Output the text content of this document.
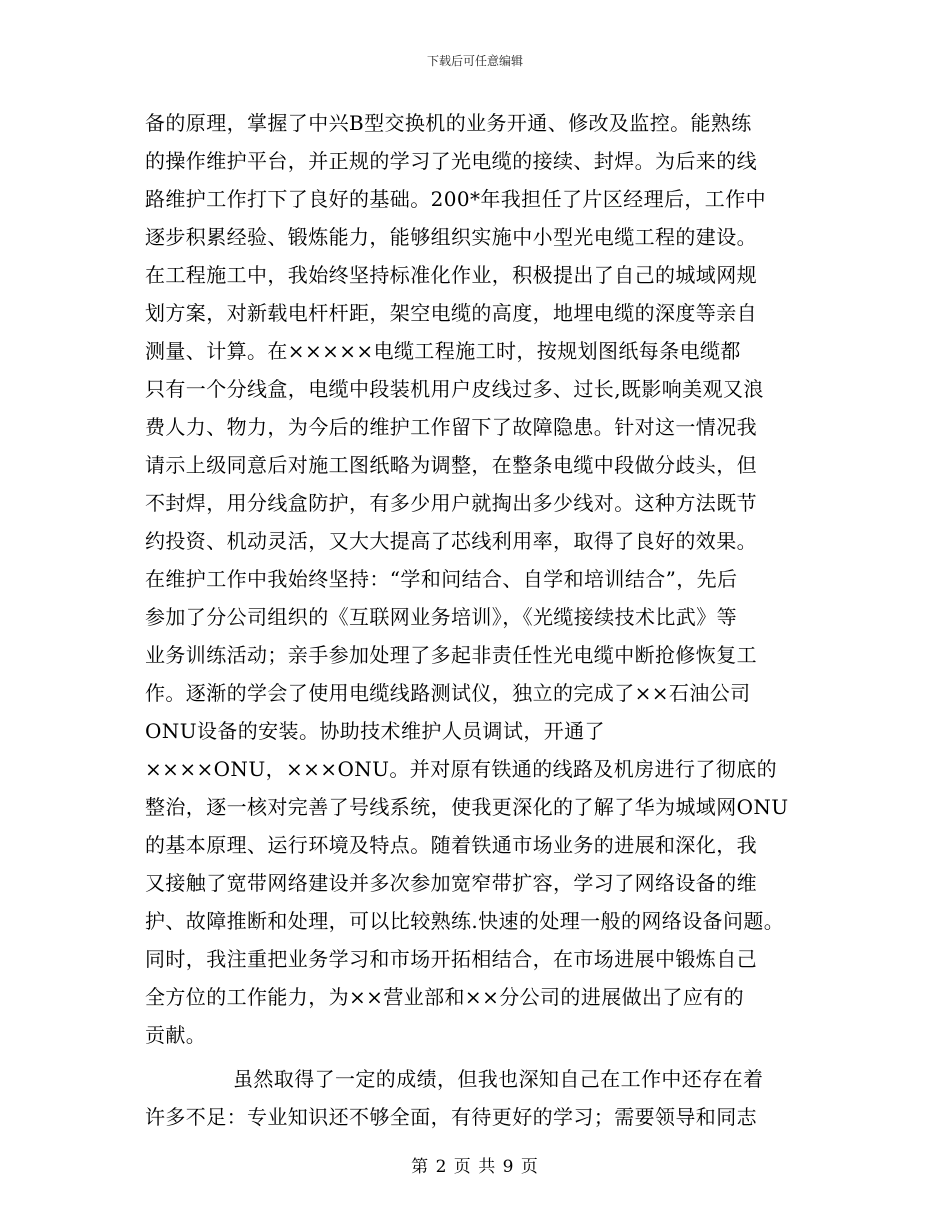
下载后可任意编辑
备的原理，掌握了中兴B型交换机的业务开通、修改及监控。能熟练
的操作维护平台，并正规的学习了光电缆的接续、封焊。为后来的线
路维护工作打下了良好的基础。200*年我担任了片区经理后，工作中
逐步积累经验、锻炼能力，能够组织实施中小型光电缆工程的建设。
在工程施工中，我始终坚持标准化作业，积极提出了自己的城域网规
划方案，对新载电杆杆距，架空电缆的高度，地埋电缆的深度等亲自
测量、计算。在×××××电缆工程施工时，按规划图纸每条电缆都
只有一个分线盒，电缆中段装机用户皮线过多、过长,既影响美观又浪
费人力、物力，为今后的维护工作留下了故障隐患。针对这一情况我
请示上级同意后对施工图纸略为调整，在整条电缆中段做分歧头，但
不封焊，用分线盒防护，有多少用户就掏出多少线对。这种方法既节
约投资、机动灵活，又大大提高了芯线利用率，取得了良好的效果。
在维护工作中我始终坚持：“学和问结合、自学和培训结合”，先后
参加了分公司组织的《互联网业务培训》，《光缆接续技术比武》等
业务训练活动；亲手参加处理了多起非责任性光电缆中断抢修恢复工
作。逐渐的学会了使用电缆线路测试仪，独立的完成了××石油公司
ONU设备的安装。协助技术维护人员调试，开通了
××××ONU，×××ONU。并对原有铁通的线路及机房进行了彻底的
整治，逐一核对完善了号线系统，使我更深化的了解了华为城域网ONU
的基本原理、运行环境及特点。随着铁通市场业务的进展和深化，我
又接触了宽带网络建设并多次参加宽窄带扩容，学习了网络设备的维
护、故障推断和处理，可以比较熟练.快速的处理一般的网络设备问题。
同时，我注重把业务学习和市场开拓相结合，在市场进展中锻炼自己
全方位的工作能力，为××营业部和××分公司的进展做出了应有的
贡献。
虽然取得了一定的成绩，但我也深知自己在工作中还存在着
许多不足：专业知识还不够全面，有待更好的学习；需要领导和同志
第 2 页 共 9 页
